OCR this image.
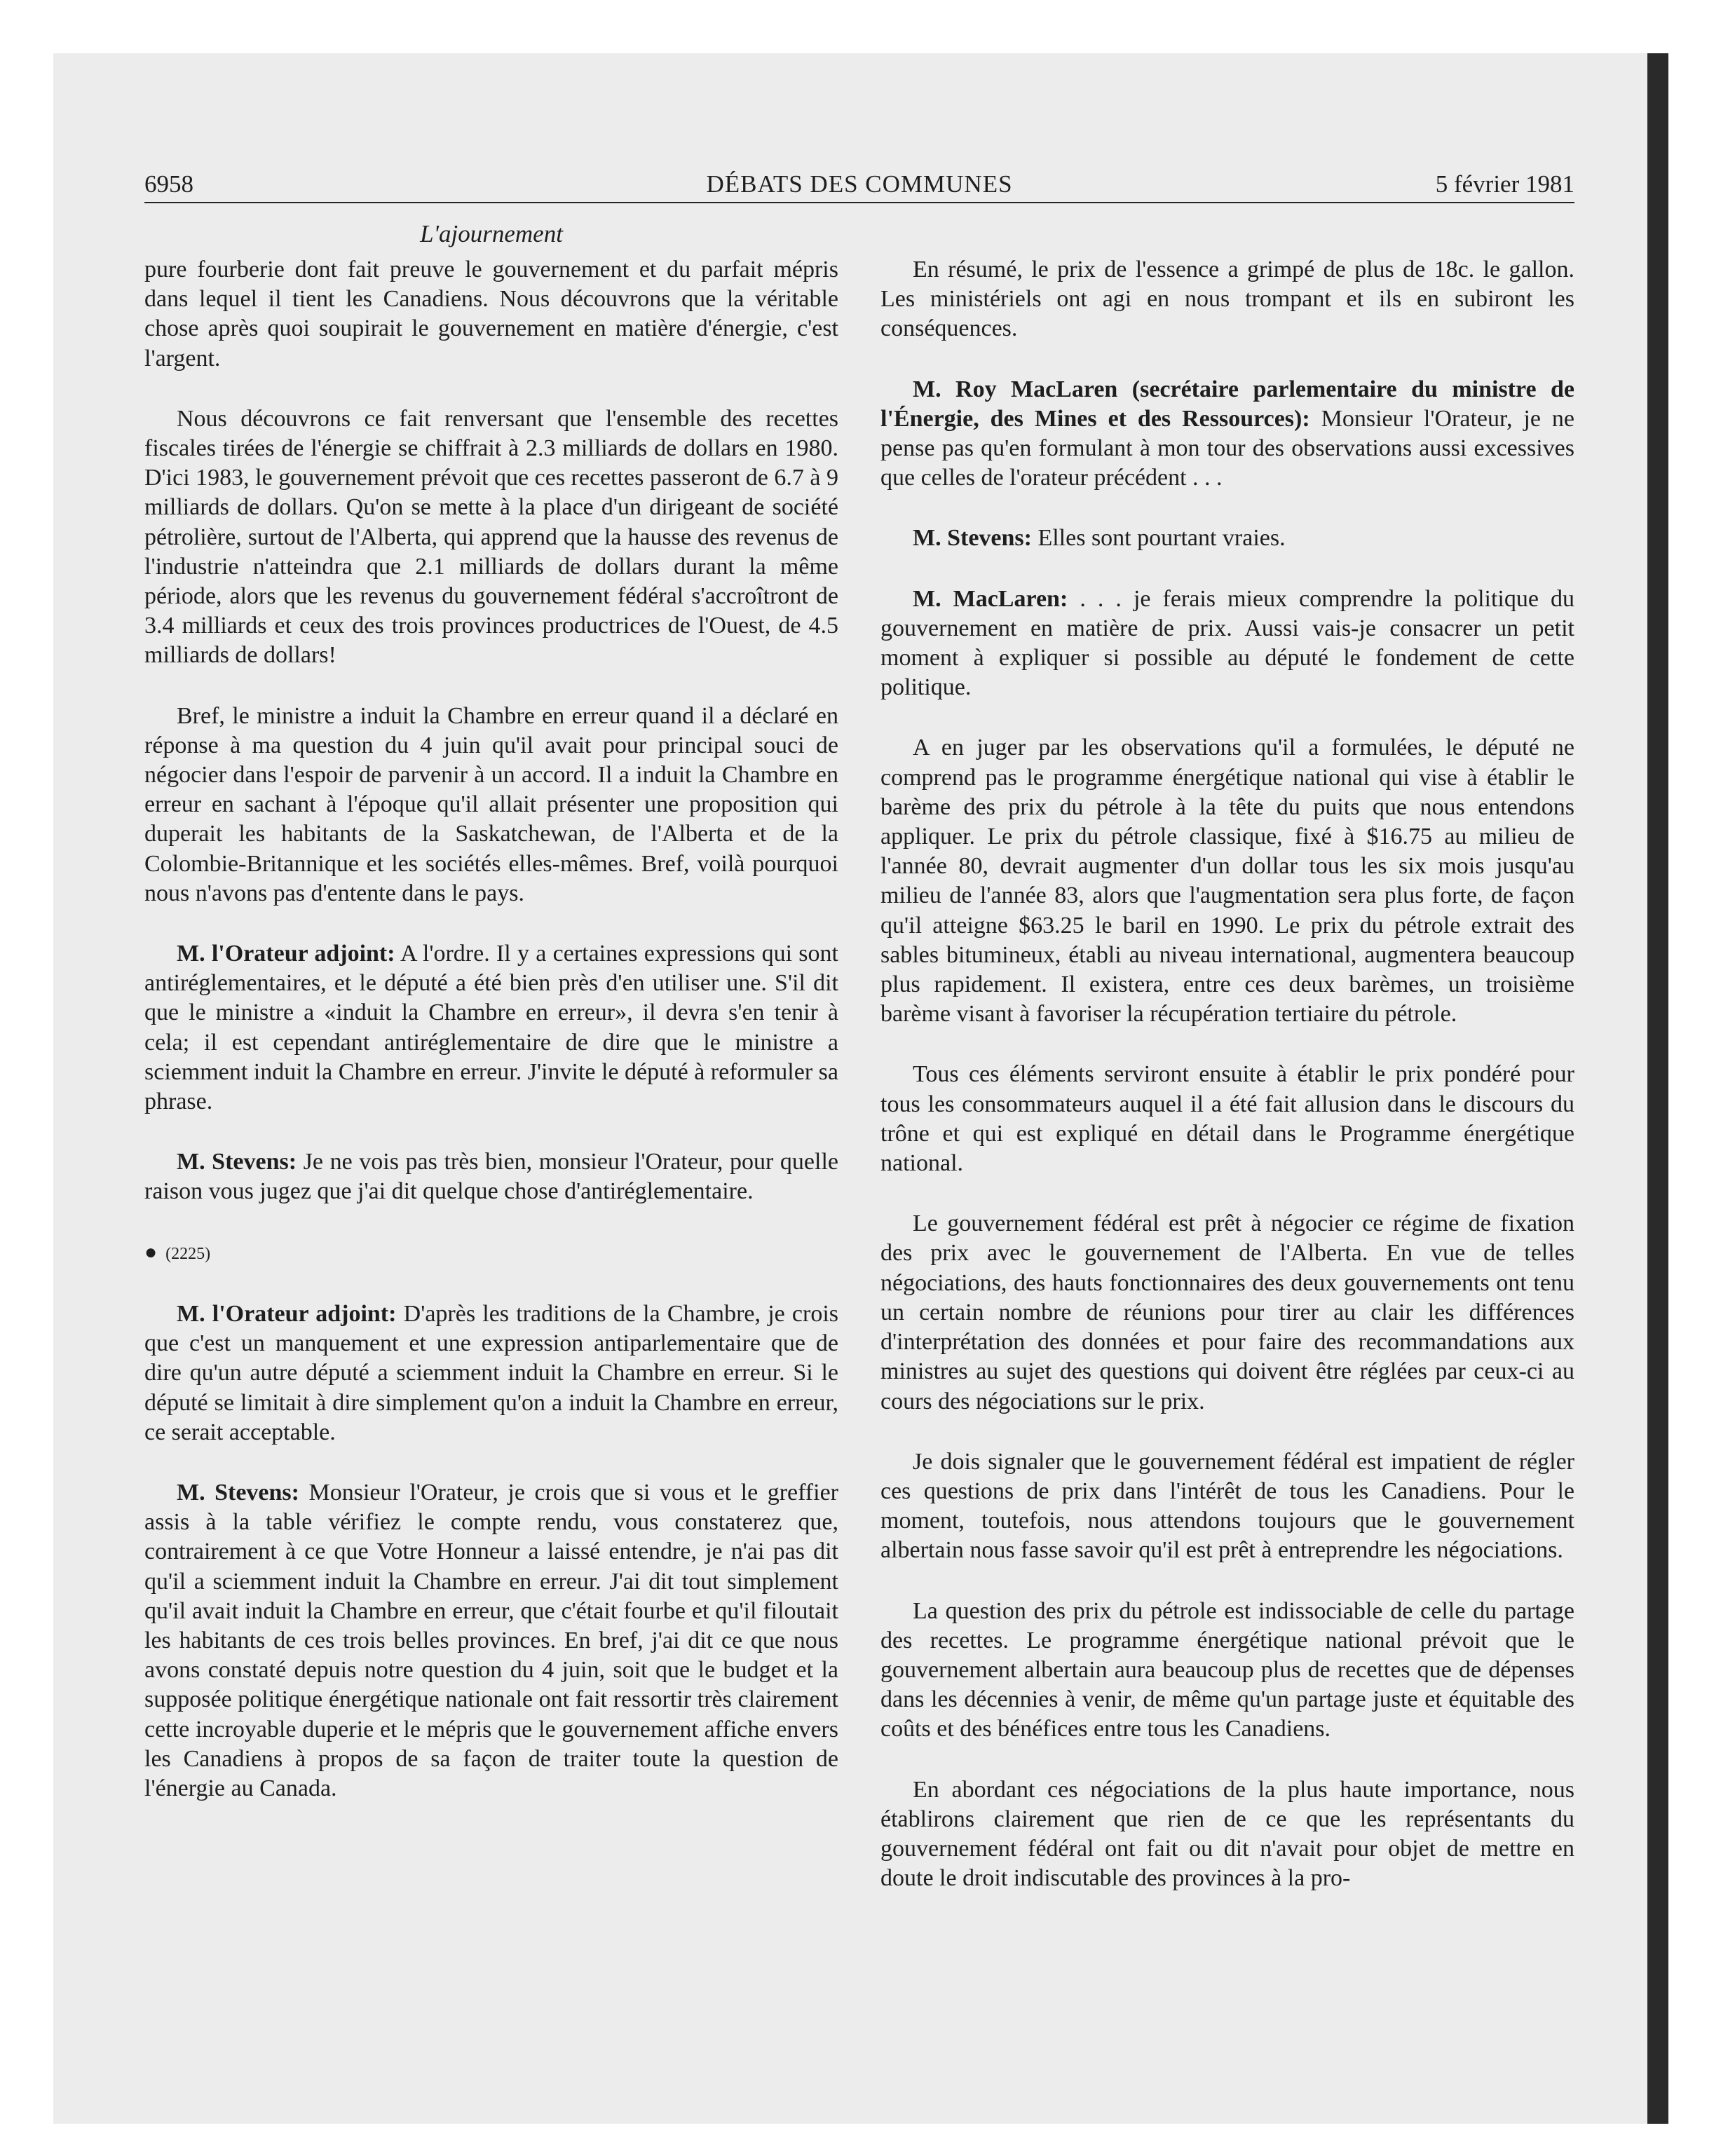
6958	DÉBATS DES COMMUNES	5 février 1981
L'ajournement

pure fourberie dont fait preuve le gouvernement et du parfait mépris dans lequel il tient les Canadiens. Nous découvrons que la véritable chose après quoi soupirait le gouvernement en matière d'énergie, c'est l'argent.

Nous découvrons ce fait renversant que l'ensemble des recettes fiscales tirées de l'énergie se chiffrait à 2.3 milliards de dollars en 1980. D'ici 1983, le gouvernement prévoit que ces recettes passeront de 6.7 à 9 milliards de dollars. Qu'on se mette à la place d'un dirigeant de société pétrolière, surtout de l'Alberta, qui apprend que la hausse des revenus de l'industrie n'atteindra que 2.1 milliards de dollars durant la même période, alors que les revenus du gouvernement fédéral s'accroîtront de 3.4 milliards et ceux des trois provinces productrices de l'Ouest, de 4.5 milliards de dollars!

Bref, le ministre a induit la Chambre en erreur quand il a déclaré en réponse à ma question du 4 juin qu'il avait pour principal souci de négocier dans l'espoir de parvenir à un accord. Il a induit la Chambre en erreur en sachant à l'époque qu'il allait présenter une proposition qui duperait les habitants de la Saskatchewan, de l'Alberta et de la Colombie-Britannique et les sociétés elles-mêmes. Bref, voilà pourquoi nous n'avons pas d'entente dans le pays.

M. l'Orateur adjoint: A l'ordre. Il y a certaines expressions qui sont antiréglementaires, et le député a été bien près d'en utiliser une. S'il dit que le ministre a «induit la Chambre en erreur», il devra s'en tenir à cela; il est cependant antiréglementaire de dire que le ministre a sciemment induit la Chambre en erreur. J'invite le député à reformuler sa phrase.

M. Stevens: Je ne vois pas très bien, monsieur l'Orateur, pour quelle raison vous jugez que j'ai dit quelque chose d'antiréglementaire.

● (2225)

M. l'Orateur adjoint: D'après les traditions de la Chambre, je crois que c'est un manquement et une expression antiparlementaire que de dire qu'un autre député a sciemment induit la Chambre en erreur. Si le député se limitait à dire simplement qu'on a induit la Chambre en erreur, ce serait acceptable.

M. Stevens: Monsieur l'Orateur, je crois que si vous et le greffier assis à la table vérifiez le compte rendu, vous constaterez que, contrairement à ce que Votre Honneur a laissé entendre, je n'ai pas dit qu'il a sciemment induit la Chambre en erreur. J'ai dit tout simplement qu'il avait induit la Chambre en erreur, que c'était fourbe et qu'il filoutait les habitants de ces trois belles provinces. En bref, j'ai dit ce que nous avons constaté depuis notre question du 4 juin, soit que le budget et la supposée politique énergétique nationale ont fait ressortir très clairement cette incroyable duperie et le mépris que le gouvernement affiche envers les Canadiens à propos de sa façon de traiter toute la question de l'énergie au Canada.

En résumé, le prix de l'essence a grimpé de plus de 18c. le gallon. Les ministériels ont agi en nous trompant et ils en subiront les conséquences.

M. Roy MacLaren (secrétaire parlementaire du ministre de l'Énergie, des Mines et des Ressources): Monsieur l'Orateur, je ne pense pas qu'en formulant à mon tour des observations aussi excessives que celles de l'orateur précédent . . .

M. Stevens: Elles sont pourtant vraies.

M. MacLaren: . . . je ferais mieux comprendre la politique du gouvernement en matière de prix. Aussi vais-je consacrer un petit moment à expliquer si possible au député le fondement de cette politique.

A en juger par les observations qu'il a formulées, le député ne comprend pas le programme énergétique national qui vise à établir le barème des prix du pétrole à la tête du puits que nous entendons appliquer. Le prix du pétrole classique, fixé à $16.75 au milieu de l'année 80, devrait augmenter d'un dollar tous les six mois jusqu'au milieu de l'année 83, alors que l'augmentation sera plus forte, de façon qu'il atteigne $63.25 le baril en 1990. Le prix du pétrole extrait des sables bitumineux, établi au niveau international, augmentera beaucoup plus rapidement. Il existera, entre ces deux barèmes, un troisième barème visant à favoriser la récupération tertiaire du pétrole.

Tous ces éléments serviront ensuite à établir le prix pondéré pour tous les consommateurs auquel il a été fait allusion dans le discours du trône et qui est expliqué en détail dans le Programme énergétique national.

Le gouvernement fédéral est prêt à négocier ce régime de fixation des prix avec le gouvernement de l'Alberta. En vue de telles négociations, des hauts fonctionnaires des deux gouvernements ont tenu un certain nombre de réunions pour tirer au clair les différences d'interprétation des données et pour faire des recommandations aux ministres au sujet des questions qui doivent être réglées par ceux-ci au cours des négociations sur le prix.

Je dois signaler que le gouvernement fédéral est impatient de régler ces questions de prix dans l'intérêt de tous les Canadiens. Pour le moment, toutefois, nous attendons toujours que le gouvernement albertain nous fasse savoir qu'il est prêt à entreprendre les négociations.

La question des prix du pétrole est indissociable de celle du partage des recettes. Le programme énergétique national prévoit que le gouvernement albertain aura beaucoup plus de recettes que de dépenses dans les décennies à venir, de même qu'un partage juste et équitable des coûts et des bénéfices entre tous les Canadiens.

En abordant ces négociations de la plus haute importance, nous établirons clairement que rien de ce que les représentants du gouvernement fédéral ont fait ou dit n'avait pour objet de mettre en doute le droit indiscutable des provinces à la pro-
